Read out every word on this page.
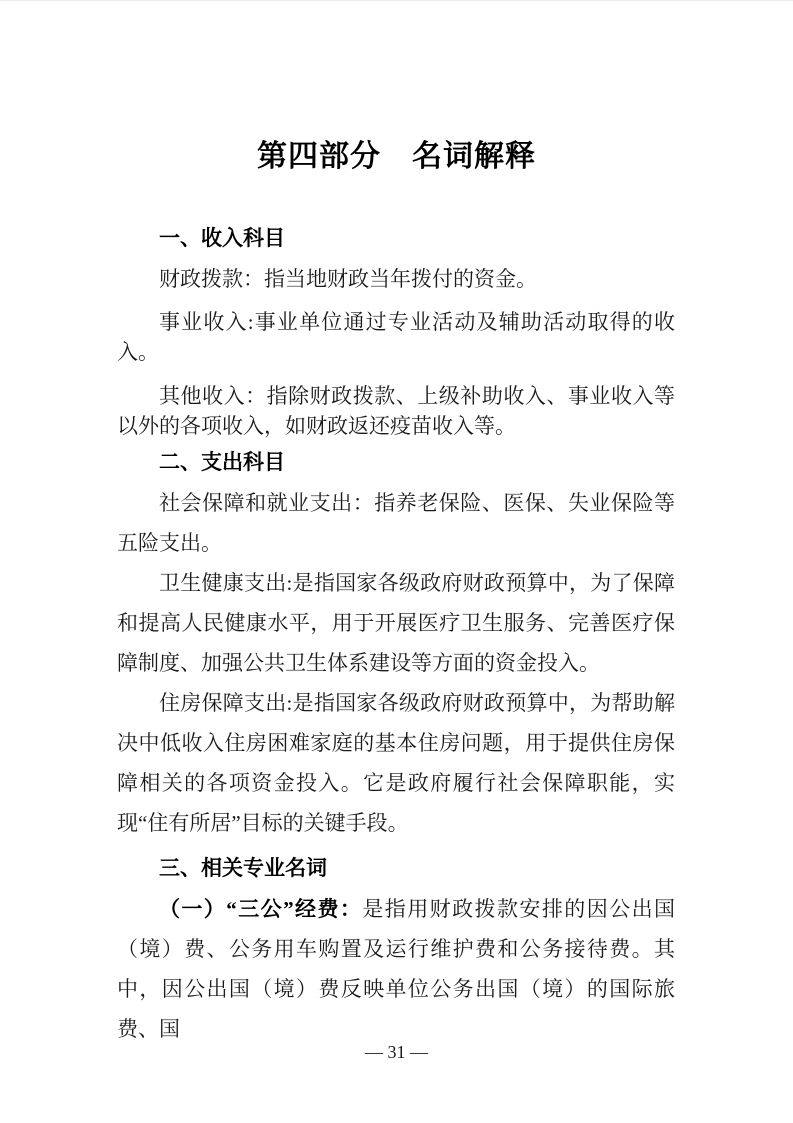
第四部分　名词解释
一、收入科目

财政拨款：指当地财政当年拨付的资金。

事业收入:事业单位通过专业活动及辅助活动取得的收入。

其他收入：指除财政拨款、上级补助收入、事业收入等以外的各项收入，如财政返还疫苗收入等。

二、支出科目

社会保障和就业支出：指养老保险、医保、失业保险等五险支出。

卫生健康支出:是指国家各级政府财政预算中，为了保障和提高人民健康水平，用于开展医疗卫生服务、完善医疗保障制度、加强公共卫生体系建设等方面的资金投入。

住房保障支出:是指国家各级政府财政预算中，为帮助解决中低收入住房困难家庭的基本住房问题，用于提供住房保障相关的各项资金投入。它是政府履行社会保障职能，实现“住有所居”目标的关键手段。

三、相关专业名词

（一）“三公”经费：是指用财政拨款安排的因公出国（境）费、公务用车购置及运行维护费和公务接待费。其中，因公出国（境）费反映单位公务出国（境）的国际旅费、国

— 31 —
